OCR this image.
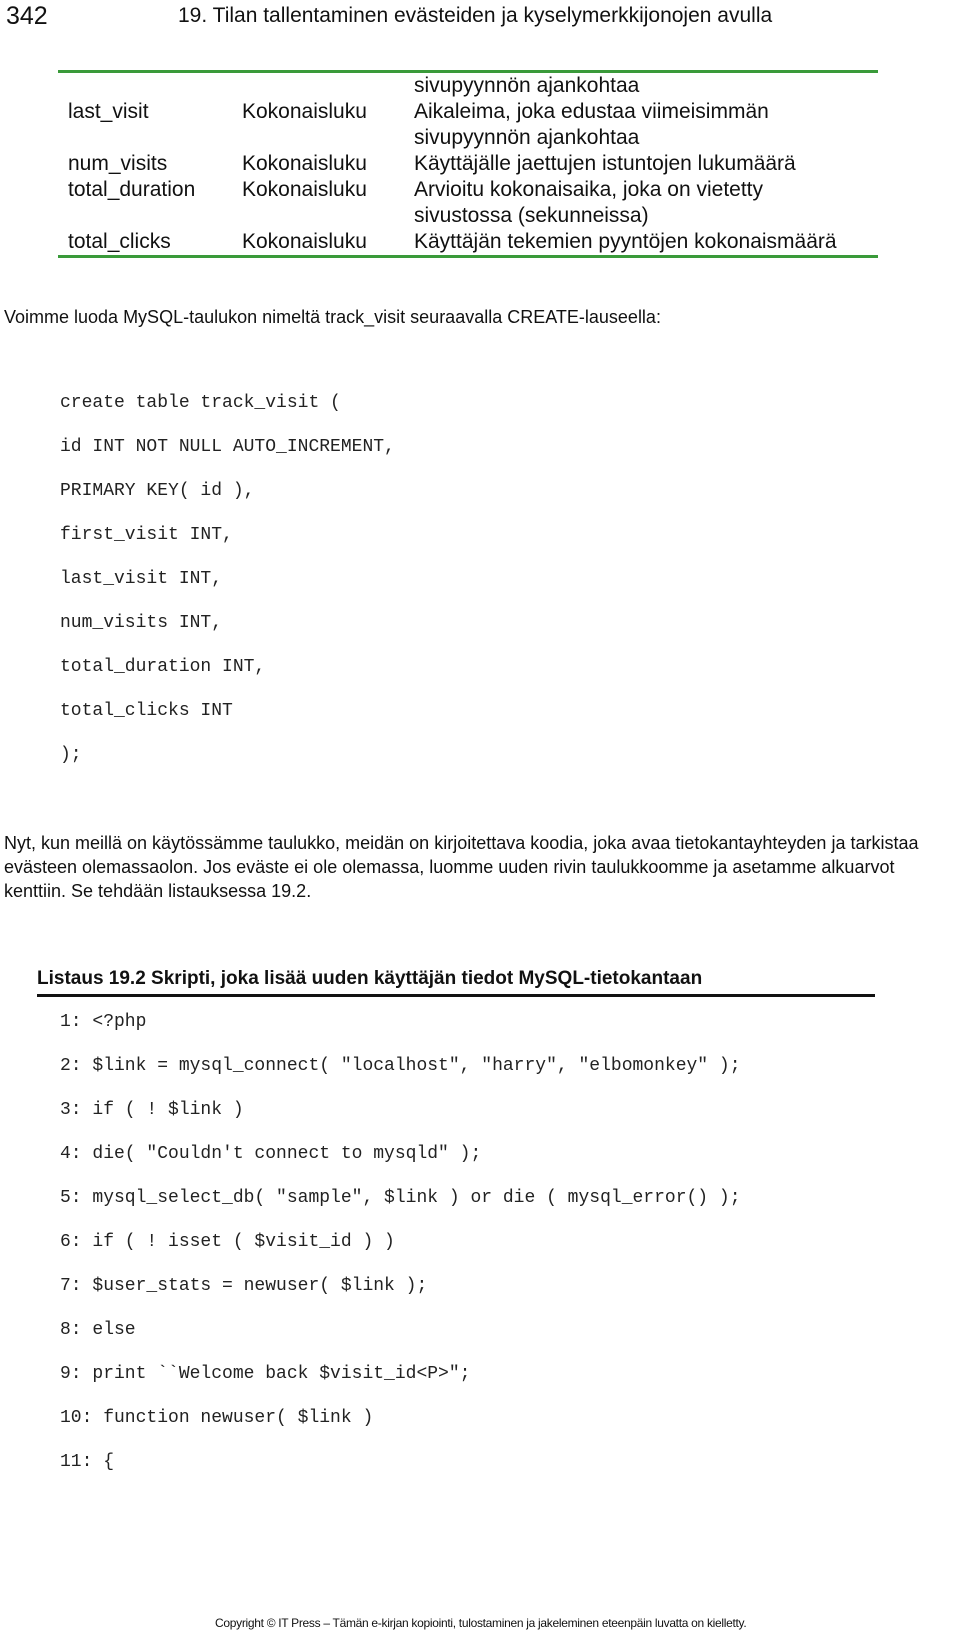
342	19. Tilan tallentaminen evästeiden ja kyselymerkkijonojen avulla
sivupyynnön ajankohtaa
last_visit	Kokonaisluku	Aikaleima, joka edustaa viimeisimmän
sivupyynnön ajankohtaa
num_visits	Kokonaisluku	Käyttäjälle jaettujen istuntojen lukumäärä
total_duration	Kokonaisluku	Arvioitu kokonaisaika, joka on vietetty
sivustossa (sekunneissa)
total_clicks	Kokonaisluku	Käyttäjän tekemien pyyntöjen kokonaismäärä
Voimme luoda MySQL-taulukon nimeltä track_visit seuraavalla CREATE-lauseella:
create table track_visit (
id INT NOT NULL AUTO_INCREMENT,
PRIMARY KEY( id ),
first_visit INT,
last_visit INT,
num_visits INT,
total_duration INT,
total_clicks INT
);
Nyt, kun meillä on käytössämme taulukko, meidän on kirjoitettava koodia, joka avaa tietokantayhteyden ja tarkistaa evästeen olemassaolon. Jos eväste ei ole olemassa, luomme uuden rivin taulukkoomme ja asetamme alkuarvot kenttiin. Se tehdään listauksessa 19.2.
Listaus 19.2 Skripti, joka lisää uuden käyttäjän tiedot MySQL-tietokantaan
1: <?php
2: $link = mysql_connect( "localhost", "harry", "elbomonkey" );
3: if ( ! $link )
4: die( "Couldn't connect to mysqld" );
5: mysql_select_db( "sample", $link ) or die ( mysql_error() );
6: if ( ! isset ( $visit_id ) )
7: $user_stats = newuser( $link );
8: else
9: print ``Welcome back $visit_id<P>";
10: function newuser( $link )
11: {
Copyright © IT Press – Tämän e-kirjan kopiointi, tulostaminen ja jakeleminen eteenpäin luvatta on kielletty.
